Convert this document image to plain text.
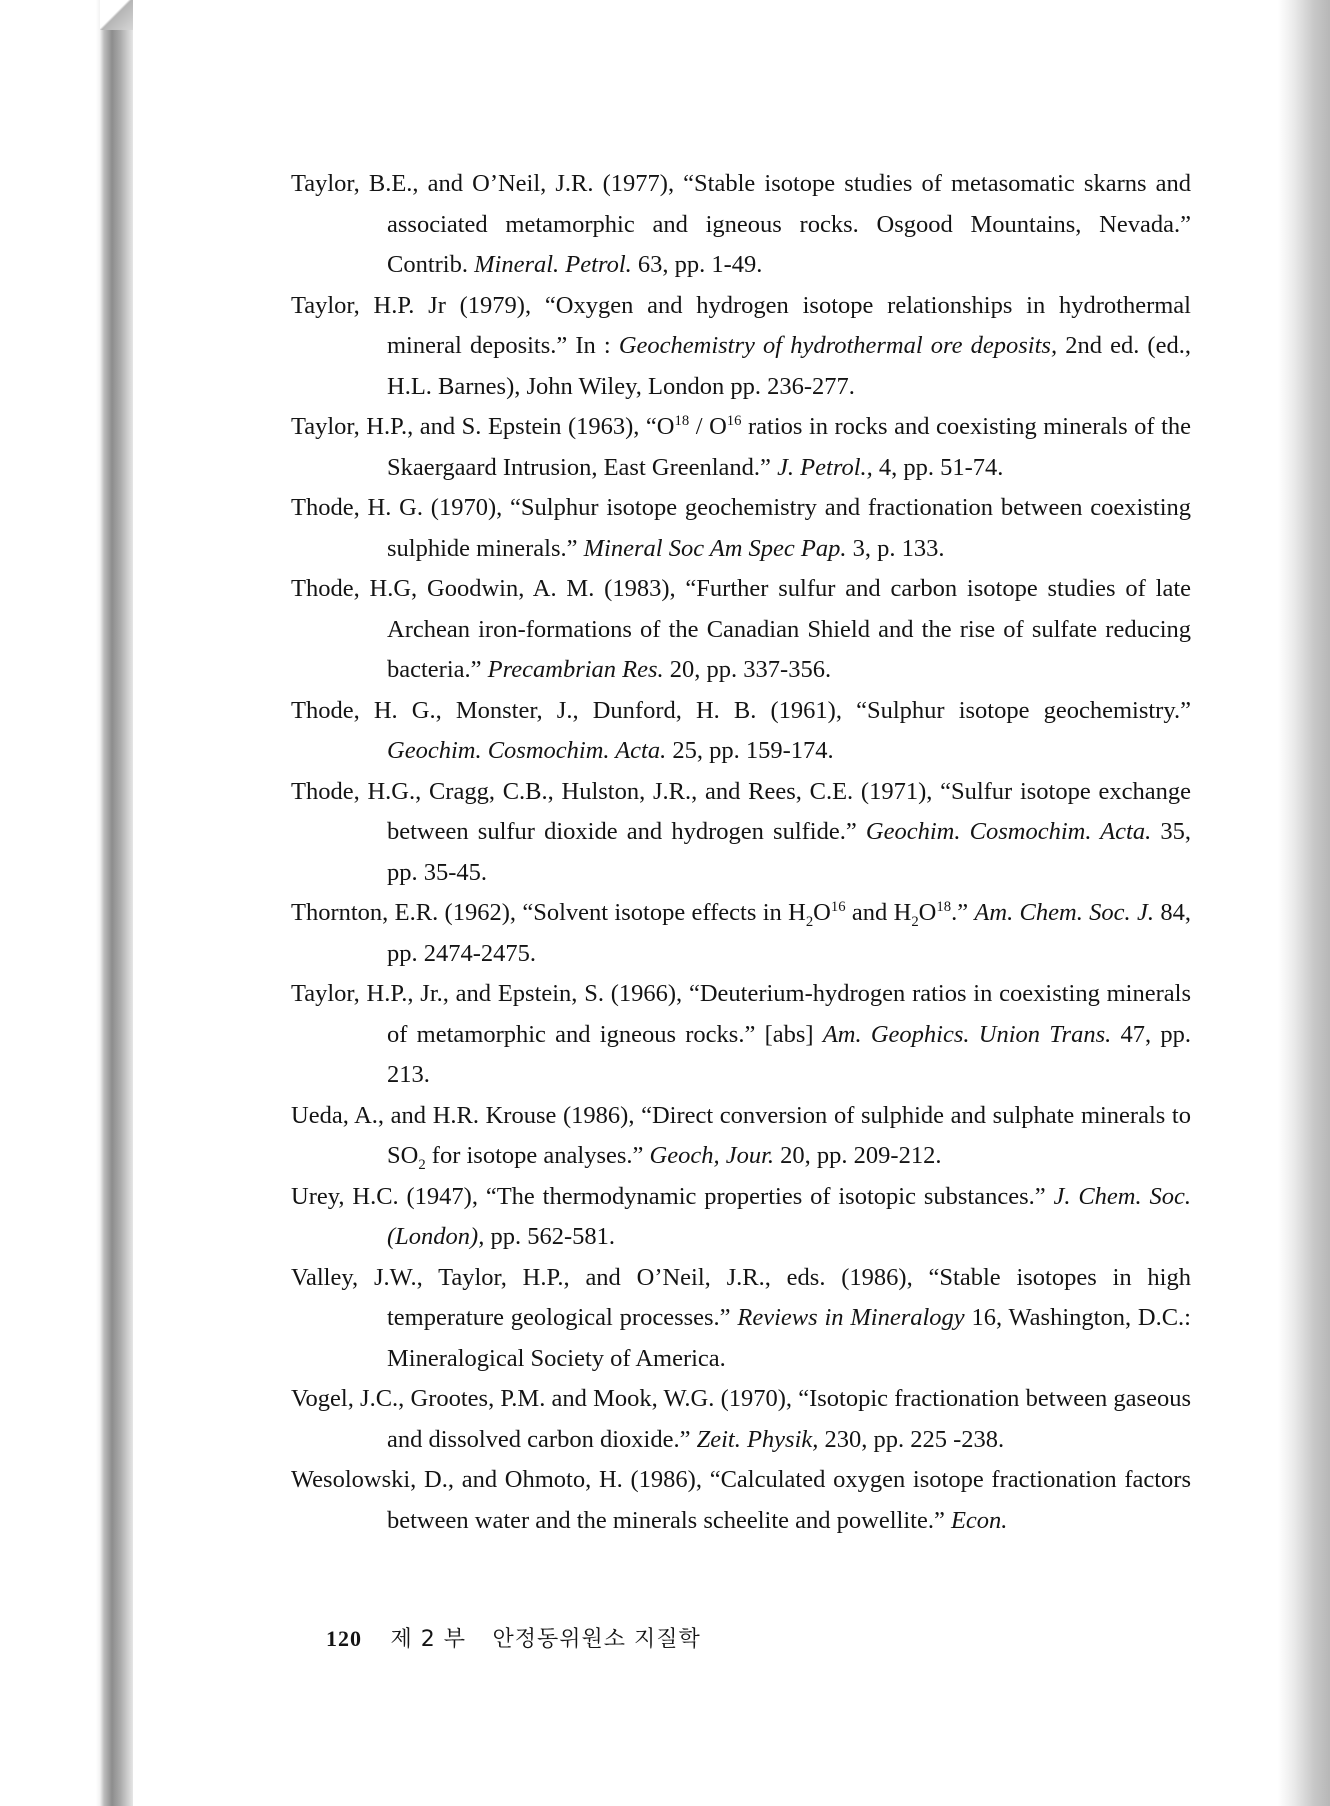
Taylor, B.E., and O’Neil, J.R. (1977), “Stable isotope studies of metasomatic skarns and associated metamorphic and igneous rocks. Osgood Mountains, Nevada.” Contrib. Mineral. Petrol. 63, pp. 1-49.
Taylor, H.P. Jr (1979), “Oxygen and hydrogen isotope relationships in hydrothermal mineral deposits.” In : Geochemistry of hydrothermal ore deposits, 2nd ed. (ed., H.L. Barnes), John Wiley, London pp. 236-277.
Taylor, H.P., and S. Epstein (1963), “$O^{18} / O^{16}$ ratios in rocks and coexisting minerals of the Skaergaard Intrusion, East Greenland.” J. Petrol., 4, pp. 51-74.
Thode, H. G. (1970), “Sulphur isotope geochemistry and fractionation between coexisting sulphide minerals.” Mineral Soc Am Spec Pap. 3, p. 133.
Thode, H.G, Goodwin, A. M. (1983), “Further sulfur and carbon isotope studies of late Archean iron-formations of the Canadian Shield and the rise of sulfate reducing bacteria.” Precambrian Res. 20, pp. 337-356.
Thode, H. G., Monster, J., Dunford, H. B. (1961), “Sulphur isotope geochemistry.” Geochim. Cosmochim. Acta. 25, pp. 159-174.
Thode, H.G., Cragg, C.B., Hulston, J.R., and Rees, C.E. (1971), “Sulfur isotope exchange between sulfur dioxide and hydrogen sulfide.” Geochim. Cosmochim. Acta. 35, pp. 35-45.
Thornton, E.R. (1962), “Solvent isotope effects in $H_2O^{16}$ and $H_2O^{18}$.” Am. Chem. Soc. J. 84, pp. 2474-2475.
Taylor, H.P., Jr., and Epstein, S. (1966), “Deuterium-hydrogen ratios in coexisting minerals of metamorphic and igneous rocks.” [abs] Am. Geophics. Union Trans. 47, pp. 213.
Ueda, A., and H.R. Krouse (1986), “Direct conversion of sulphide and sulphate minerals to $SO_2$ for isotope analyses.” Geoch, Jour. 20, pp. 209-212.
Urey, H.C. (1947), “The thermodynamic properties of isotopic substances.” J. Chem. Soc. (London), pp. 562-581.
Valley, J.W., Taylor, H.P., and O’Neil, J.R., eds. (1986), “Stable isotopes in high temperature geological processes.” Reviews in Mineralogy 16, Washington, D.C.: Mineralogical Society of America.
Vogel, J.C., Grootes, P.M. and Mook, W.G. (1970), “Isotopic fractionation between gaseous and dissolved carbon dioxide.” Zeit. Physik, 230, pp. 225 -238.
Wesolowski, D., and Ohmoto, H. (1986), “Calculated oxygen isotope fractionation factors between water and the minerals scheelite and powellite.” Econ.
120 제 2 부 안정동위원소 지질학
